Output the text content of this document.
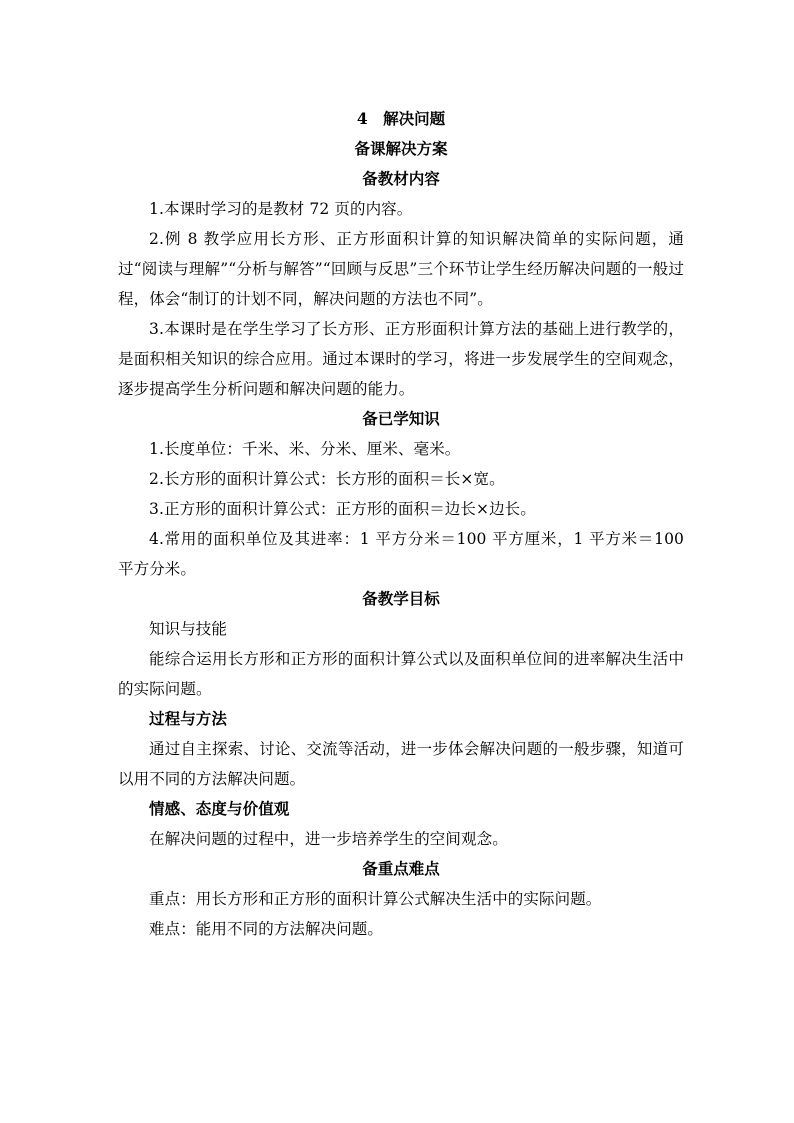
4　解决问题
备课解决方案
备教材内容

1.本课时学习的是教材 72 页的内容。

2.例 8 教学应用长方形、正方形面积计算的知识解决简单的实际问题，通过“阅读与理解”“分析与解答”“回顾与反思”三个环节让学生经历解决问题的一般过程，体会“制订的计划不同，解决问题的方法也不同”。

3.本课时是在学生学习了长方形、正方形面积计算方法的基础上进行教学的，是面积相关知识的综合应用。通过本课时的学习，将进一步发展学生的空间观念，逐步提高学生分析问题和解决问题的能力。

备已学知识

1.长度单位：千米、米、分米、厘米、毫米。

2.长方形的面积计算公式：长方形的面积＝长×宽。

3.正方形的面积计算公式：正方形的面积＝边长×边长。

4.常用的面积单位及其进率：1 平方分米＝100 平方厘米，1 平方米＝100 平方分米。

备教学目标

知识与技能

能综合运用长方形和正方形的面积计算公式以及面积单位间的进率解决生活中的实际问题。

过程与方法

通过自主探索、讨论、交流等活动，进一步体会解决问题的一般步骤，知道可以用不同的方法解决问题。

情感、态度与价值观

在解决问题的过程中，进一步培养学生的空间观念。

备重点难点

重点：用长方形和正方形的面积计算公式解决生活中的实际问题。

难点：能用不同的方法解决问题。
